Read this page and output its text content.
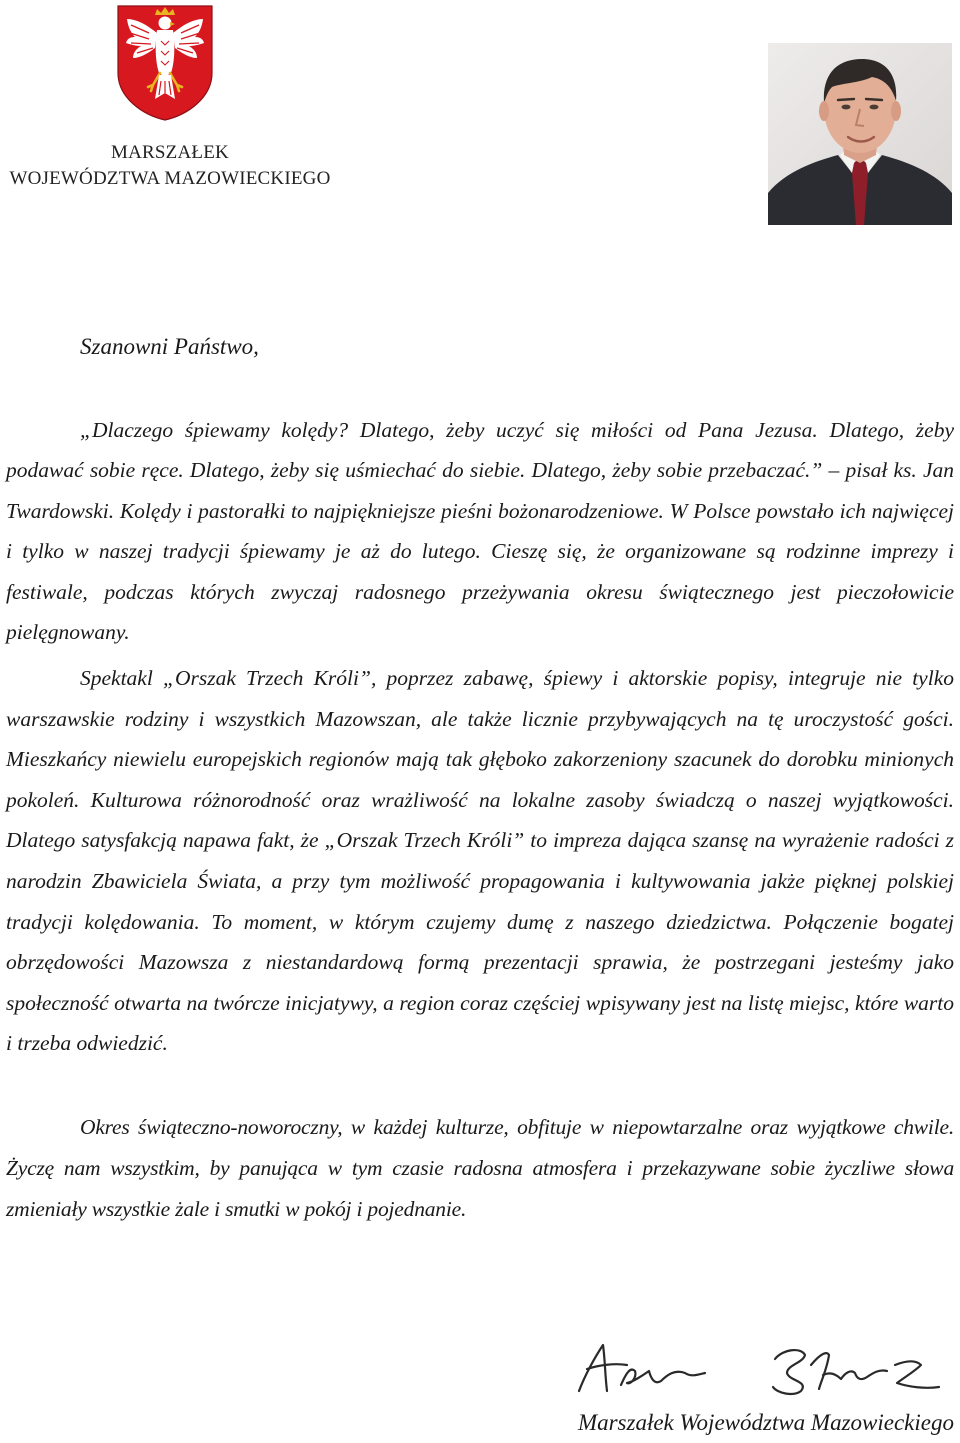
MARSZAŁEK
WOJEWÓDZTWA MAZOWIECKIEGO

Szanowni Państwo,

„Dlaczego śpiewamy kolędy? Dlatego, żeby uczyć się miłości od Pana Jezusa. Dlatego, żeby podawać sobie ręce. Dlatego, żeby się uśmiechać do siebie. Dlatego, żeby sobie przebaczać.” – pisał ks. Jan Twardowski. Kolędy i pastorałki to najpiękniejsze pieśni bożonarodzeniowe. W Polsce powstało ich najwięcej i tylko w naszej tradycji śpiewamy je aż do lutego. Cieszę się, że organizowane są rodzinne imprezy i festiwale, podczas których zwyczaj radosnego przeżywania okresu świątecznego jest pieczołowicie pielęgnowany.

Spektakl „Orszak Trzech Króli”, poprzez zabawę, śpiewy i aktorskie popisy, integruje nie tylko warszawskie rodziny i wszystkich Mazowszan, ale także licznie przybywających na tę uroczystość gości. Mieszkańcy niewielu europejskich regionów mają tak głęboko zakorzeniony szacunek do dorobku minionych pokoleń. Kulturowa różnorodność oraz wrażliwość na lokalne zasoby świadczą o naszej wyjątkowości. Dlatego satysfakcją napawa fakt, że „Orszak Trzech Króli” to impreza dająca szansę na wyrażenie radości z narodzin Zbawiciela Świata, a przy tym możliwość propagowania i kultywowania jakże pięknej polskiej tradycji kolędowania. To moment, w którym czujemy dumę z naszego dziedzictwa. Połączenie bogatej obrzędowości Mazowsza z niestandardową formą prezentacji sprawia, że postrzegani jesteśmy jako społeczność otwarta na twórcze inicjatywy, a region coraz częściej wpisywany jest na listę miejsc, które warto i trzeba odwiedzić.

Okres świąteczno-noworoczny, w każdej kulturze, obfituje w niepowtarzalne oraz wyjątkowe chwile. Życzę nam wszystkim, by panująca w tym czasie radosna atmosfera i przekazywane sobie życzliwe słowa zmieniały wszystkie żale i smutki w pokój i pojednanie.

Marszałek Województwa Mazowieckiego
